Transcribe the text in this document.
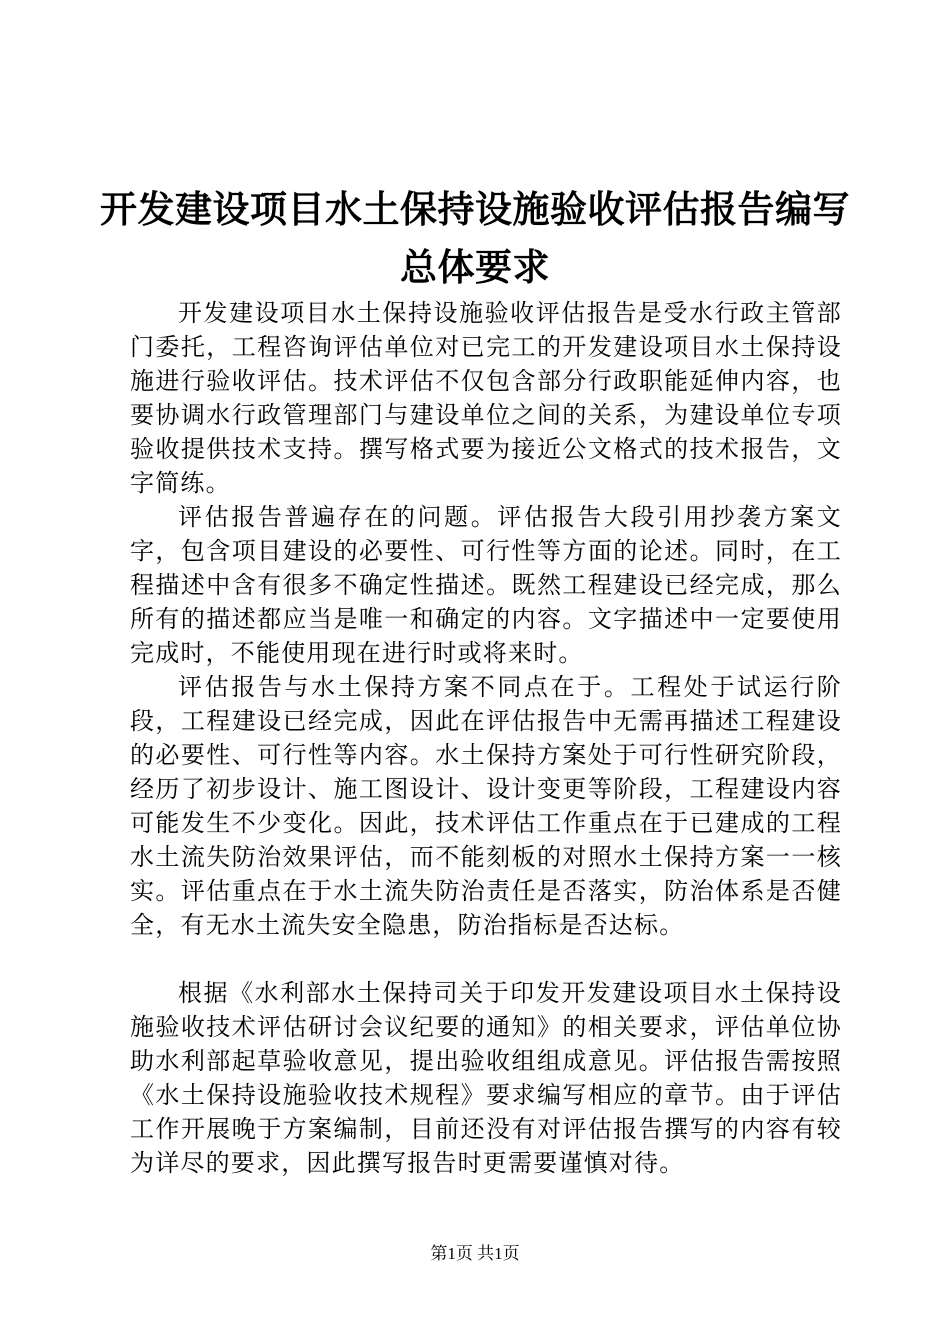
开发建设项目水土保持设施验收评估报告编写
总体要求

开发建设项目水土保持设施验收评估报告是受水行政主管部门委托，工程咨询评估单位对已完工的开发建设项目水土保持设施进行验收评估。技术评估不仅包含部分行政职能延伸内容，也要协调水行政管理部门与建设单位之间的关系，为建设单位专项验收提供技术支持。撰写格式要为接近公文格式的技术报告，文字简练。

评估报告普遍存在的问题。评估报告大段引用抄袭方案文字，包含项目建设的必要性、可行性等方面的论述。同时，在工程描述中含有很多不确定性描述。既然工程建设已经完成，那么所有的描述都应当是唯一和确定的内容。文字描述中一定要使用完成时，不能使用现在进行时或将来时。

评估报告与水土保持方案不同点在于。工程处于试运行阶段，工程建设已经完成，因此在评估报告中无需再描述工程建设的必要性、可行性等内容。水土保持方案处于可行性研究阶段，经历了初步设计、施工图设计、设计变更等阶段，工程建设内容可能发生不少变化。因此，技术评估工作重点在于已建成的工程水土流失防治效果评估，而不能刻板的对照水土保持方案一一核实。评估重点在于水土流失防治责任是否落实，防治体系是否健全，有无水土流失安全隐患，防治指标是否达标。

根据《水利部水土保持司关于印发开发建设项目水土保持设施验收技术评估研讨会议纪要的通知》的相关要求，评估单位协助水利部起草验收意见，提出验收组组成意见。评估报告需按照《水土保持设施验收技术规程》要求编写相应的章节。由于评估工作开展晚于方案编制，目前还没有对评估报告撰写的内容有较为详尽的要求，因此撰写报告时更需要谨慎对待。

第1页 共1页
